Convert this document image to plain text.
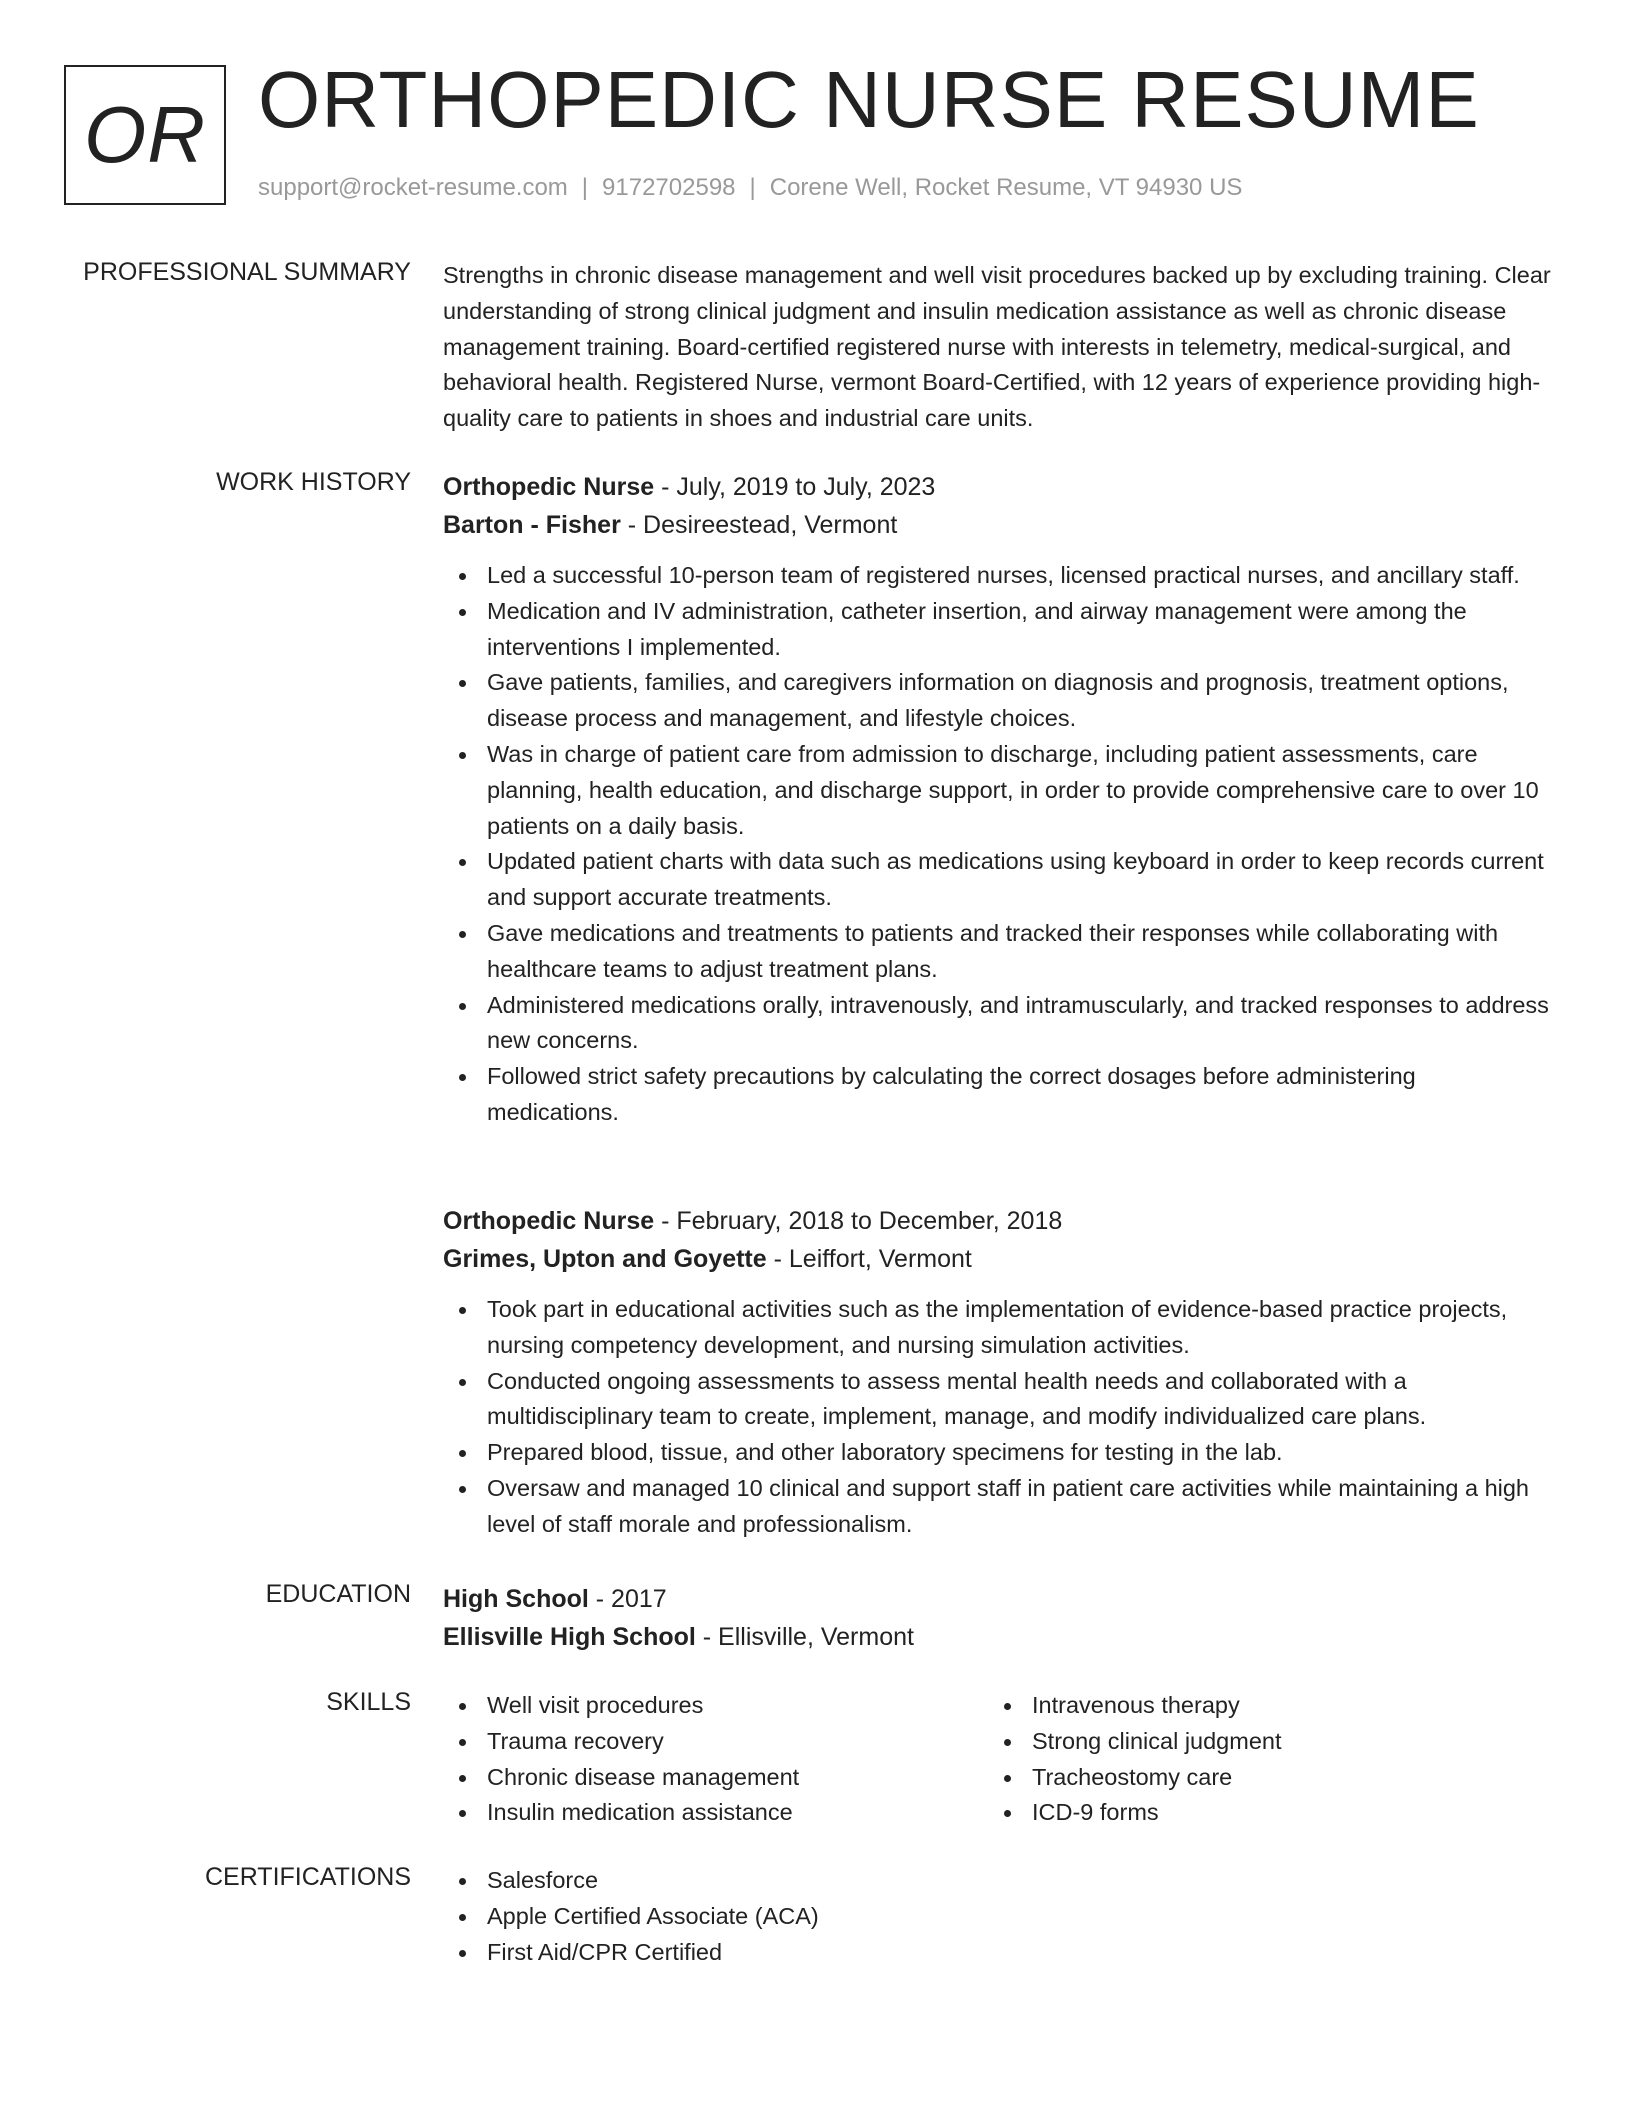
OR ORTHOPEDIC NURSE RESUME
support@rocket-resume.com | 9172702598 | Corene Well, Rocket Resume, VT 94930 US
PROFESSIONAL SUMMARY Strengths in chronic disease management and well visit procedures backed up by excluding training. Clear understanding of strong clinical judgment and insulin medication assistance as well as chronic disease management training. Board-certified registered nurse with interests in telemetry, medical-surgical, and behavioral health. Registered Nurse, vermont Board-Certified, with 12 years of experience providing high-quality care to patients in shoes and industrial care units.

WORK HISTORY Orthopedic Nurse - July, 2019 to July, 2023
Barton - Fisher - Desireestead, Vermont
Led a successful 10-person team of registered nurses, licensed practical nurses, and ancillary staff.
Medication and IV administration, catheter insertion, and airway management were among the interventions I implemented.
Gave patients, families, and caregivers information on diagnosis and prognosis, treatment options, disease process and management, and lifestyle choices.
Was in charge of patient care from admission to discharge, including patient assessments, care planning, health education, and discharge support, in order to provide comprehensive care to over 10 patients on a daily basis.
Updated patient charts with data such as medications using keyboard in order to keep records current and support accurate treatments.
Gave medications and treatments to patients and tracked their responses while collaborating with healthcare teams to adjust treatment plans.
Administered medications orally, intravenously, and intramuscularly, and tracked responses to address new concerns.
Followed strict safety precautions by calculating the correct dosages before administering medications.
Orthopedic Nurse - February, 2018 to December, 2018
Grimes, Upton and Goyette - Leiffort, Vermont
Took part in educational activities such as the implementation of evidence-based practice projects, nursing competency development, and nursing simulation activities.
Conducted ongoing assessments to assess mental health needs and collaborated with a multidisciplinary team to create, implement, manage, and modify individualized care plans.
Prepared blood, tissue, and other laboratory specimens for testing in the lab.
Oversaw and managed 10 clinical and support staff in patient care activities while maintaining a high level of staff morale and professionalism.
EDUCATION High School - 2017
Ellisville High School - Ellisville, Vermont
SKILLS	Well visit procedures
Trauma recovery
Chronic disease management
Insulin medication assistance
Intravenous therapy
Strong clinical judgment
Tracheostomy care
ICD-9 forms
CERTIFICATIONS	Salesforce
Apple Certified Associate (ACA)
First Aid/CPR Certified
